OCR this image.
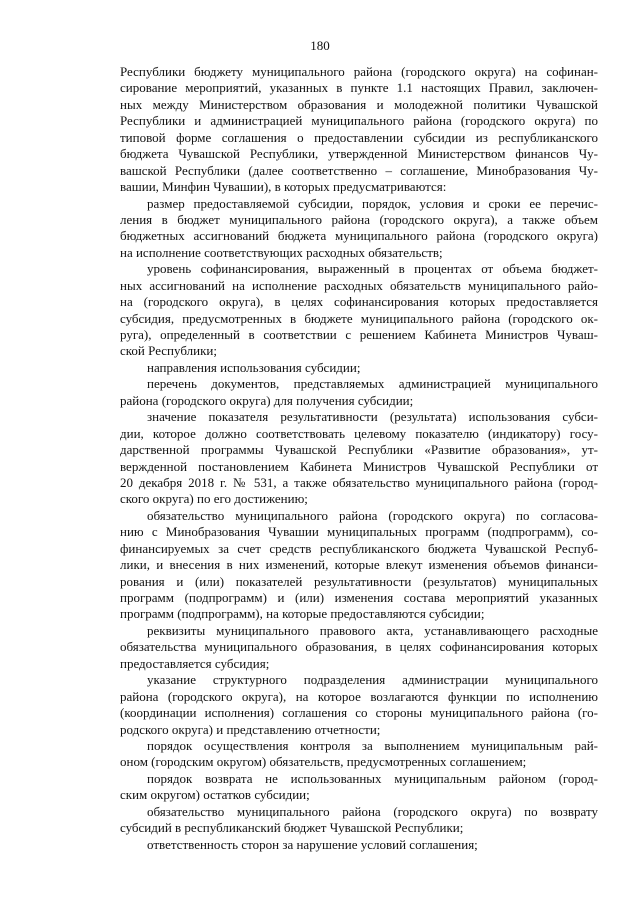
180
Республики бюджету муниципального района (городского округа) на софинан-
сирование мероприятий, указанных в пункте 1.1 настоящих Правил, заключен-
ных между Министерством образования и молодежной политики Чувашской
Республики и администрацией муниципального района (городского округа) по
типовой форме соглашения о предоставлении субсидии из республиканского
бюджета Чувашской Республики, утвержденной Министерством финансов Чу-
вашской Республики (далее соответственно – соглашение, Минобразования Чу-
вашии, Минфин Чувашии), в которых предусматриваются:
размер предоставляемой субсидии, порядок, условия и сроки ее перечис-
ления в бюджет муниципального района (городского округа), а также объем
бюджетных ассигнований бюджета муниципального района (городского округа)
на исполнение соответствующих расходных обязательств;
уровень софинансирования, выраженный в процентах от объема бюджет-
ных ассигнований на исполнение расходных обязательств муниципального райо-
на (городского округа), в целях софинансирования которых предоставляется
субсидия, предусмотренных в бюджете муниципального района (городского ок-
руга), определенный в соответствии с решением Кабинета Министров Чуваш-
ской Республики;
направления использования субсидии;
перечень документов, представляемых администрацией муниципального
района (городского округа) для получения субсидии;
значение показателя результативности (результата) использования субси-
дии, которое должно соответствовать целевому показателю (индикатору) госу-
дарственной программы Чувашской Республики «Развитие образования», ут-
вержденной постановлением Кабинета Министров Чувашской Республики от
20 декабря 2018 г. № 531, а также обязательство муниципального района (город-
ского округа) по его достижению;
обязательство муниципального района (городского округа) по согласова-
нию с Минобразования Чувашии муниципальных программ (подпрограмм), со-
финансируемых за счет средств республиканского бюджета Чувашской Респуб-
лики, и внесения в них изменений, которые влекут изменения объемов финанси-
рования и (или) показателей результативности (результатов) муниципальных
программ (подпрограмм) и (или) изменения состава мероприятий указанных
программ (подпрограмм), на которые предоставляются субсидии;
реквизиты муниципального правового акта, устанавливающего расходные
обязательства муниципального образования, в целях софинансирования которых
предоставляется субсидия;
указание структурного подразделения администрации муниципального
района (городского округа), на которое возлагаются функции по исполнению
(координации исполнения) соглашения со стороны муниципального района (го-
родского округа) и представлению отчетности;
порядок осуществления контроля за выполнением муниципальным рай-
оном (городским округом) обязательств, предусмотренных соглашением;
порядок возврата не использованных муниципальным районом (город-
ским округом) остатков субсидии;
обязательство муниципального района (городского округа) по возврату
субсидий в республиканский бюджет Чувашской Республики;
ответственность сторон за нарушение условий соглашения;
